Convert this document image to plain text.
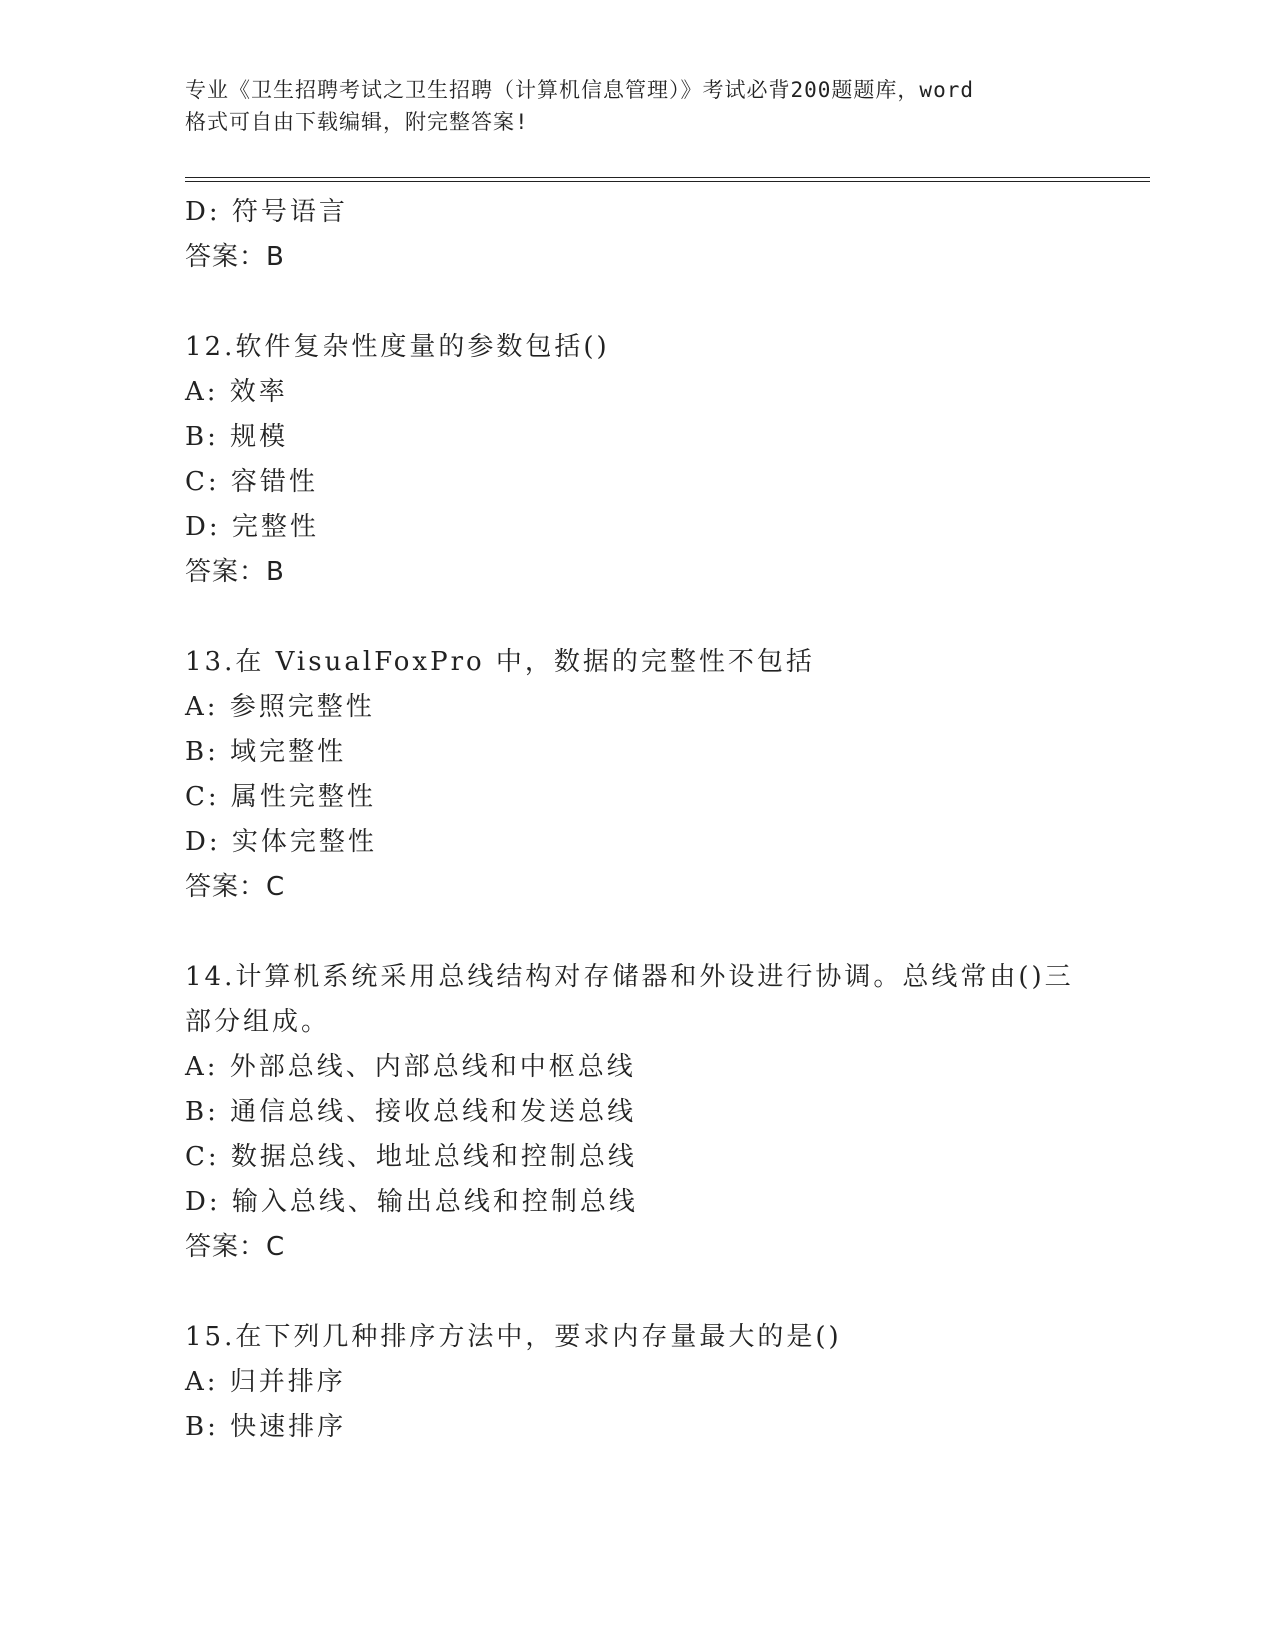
专业《卫生招聘考试之卫生招聘（计算机信息管理）》考试必背200题题库，word
格式可自由下载编辑，附完整答案!
D: 符号语言
答案：B
12.软件复杂性度量的参数包括()
A: 效率
B: 规模
C: 容错性
D: 完整性
答案：B
13.在 VisualFoxPro 中，数据的完整性不包括
A: 参照完整性
B: 域完整性
C: 属性完整性
D: 实体完整性
答案：C
14.计算机系统采用总线结构对存储器和外设进行协调。总线常由()三
部分组成。
A: 外部总线、内部总线和中枢总线
B: 通信总线、接收总线和发送总线
C: 数据总线、地址总线和控制总线
D: 输入总线、输出总线和控制总线
答案：C
15.在下列几种排序方法中，要求内存量最大的是()
A: 归并排序
B: 快速排序
